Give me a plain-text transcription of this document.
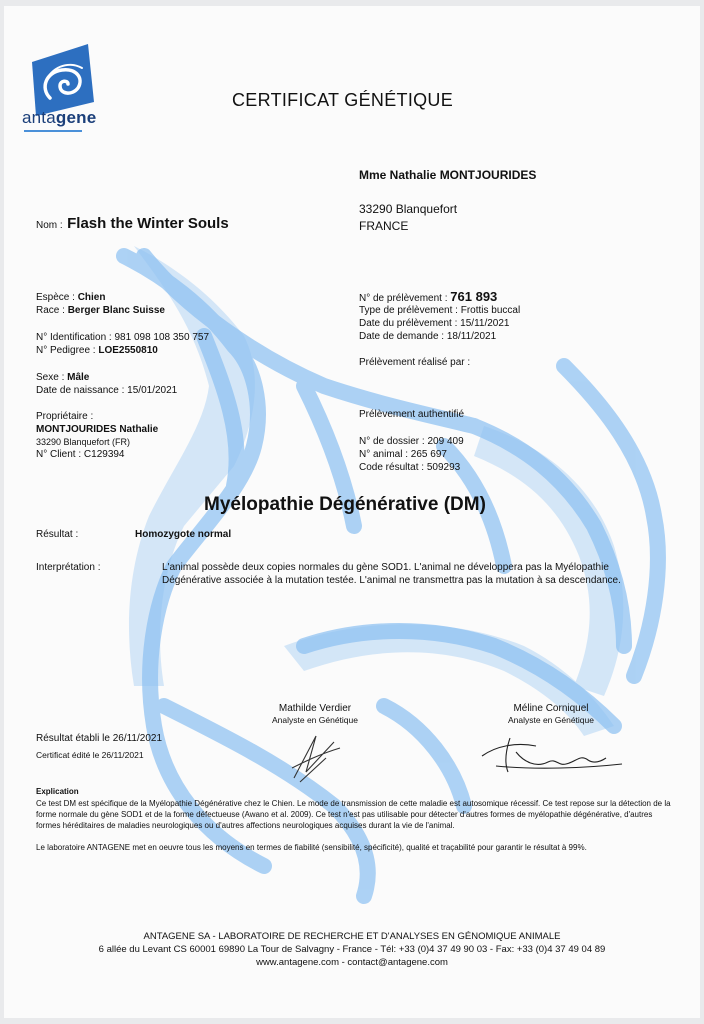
antagene
CERTIFICAT GÉNÉTIQUE
Mme Nathalie MONTJOURIDES
33290 Blanquefort
FRANCE
Nom : Flash the Winter Souls
Espèce : Chien
Race : Berger Blanc Suisse
N° Identification : 981 098 108 350 757
N° Pedigree : LOE2550810
Sexe : Mâle
Date de naissance : 15/01/2021
Propriétaire :
MONTJOURIDES Nathalie
33290 Blanquefort (FR)
N° Client : C129394
N° de prélèvement : 761 893
Type de prélèvement : Frottis buccal
Date du prélèvement : 15/11/2021
Date de demande : 18/11/2021
Prélèvement réalisé par :
Prélèvement authentifié
N° de dossier : 209 409
N° animal : 265 697
Code résultat : 509293
Myélopathie Dégénérative (DM)
Résultat :	Homozygote normal
Interprétation :	L'animal possède deux copies normales du gène SOD1. L'animal ne développera pas la Myélopathie
Dégénérative associée à la mutation testée. L'animal ne transmettra pas la mutation à sa descendance.
Mathilde Verdier
Analyste en Génétique
Méline Corniquel
Analyste en Génétique
Résultat établi le 26/11/2021
Certificat édité le 26/11/2021
Explication
Ce test DM est spécifique de la Myélopathie Dégénérative chez le Chien. Le mode de transmission de cette maladie est autosomique récessif. Ce test repose sur la détection de la forme normale du gène SOD1 et de la forme défectueuse (Awano et al. 2009). Ce test n'est pas utilisable pour détecter d'autres formes de myélopathie dégénérative, d'autres formes héréditaires de maladies neurologiques ou d'autres affections neurologiques acquises durant la vie de l'animal.
Le laboratoire ANTAGENE met en oeuvre tous les moyens en termes de fiabilité (sensibilité, spécificité), qualité et traçabilité pour garantir le résultat à 99%.
ANTAGENE SA - LABORATOIRE DE RECHERCHE ET D'ANALYSES EN GÉNOMIQUE ANIMALE
6 allée du Levant CS 60001 69890 La Tour de Salvagny - France - Tél: +33 (0)4 37 49 90 03 - Fax: +33 (0)4 37 49 04 89
www.antagene.com - contact@antagene.com
